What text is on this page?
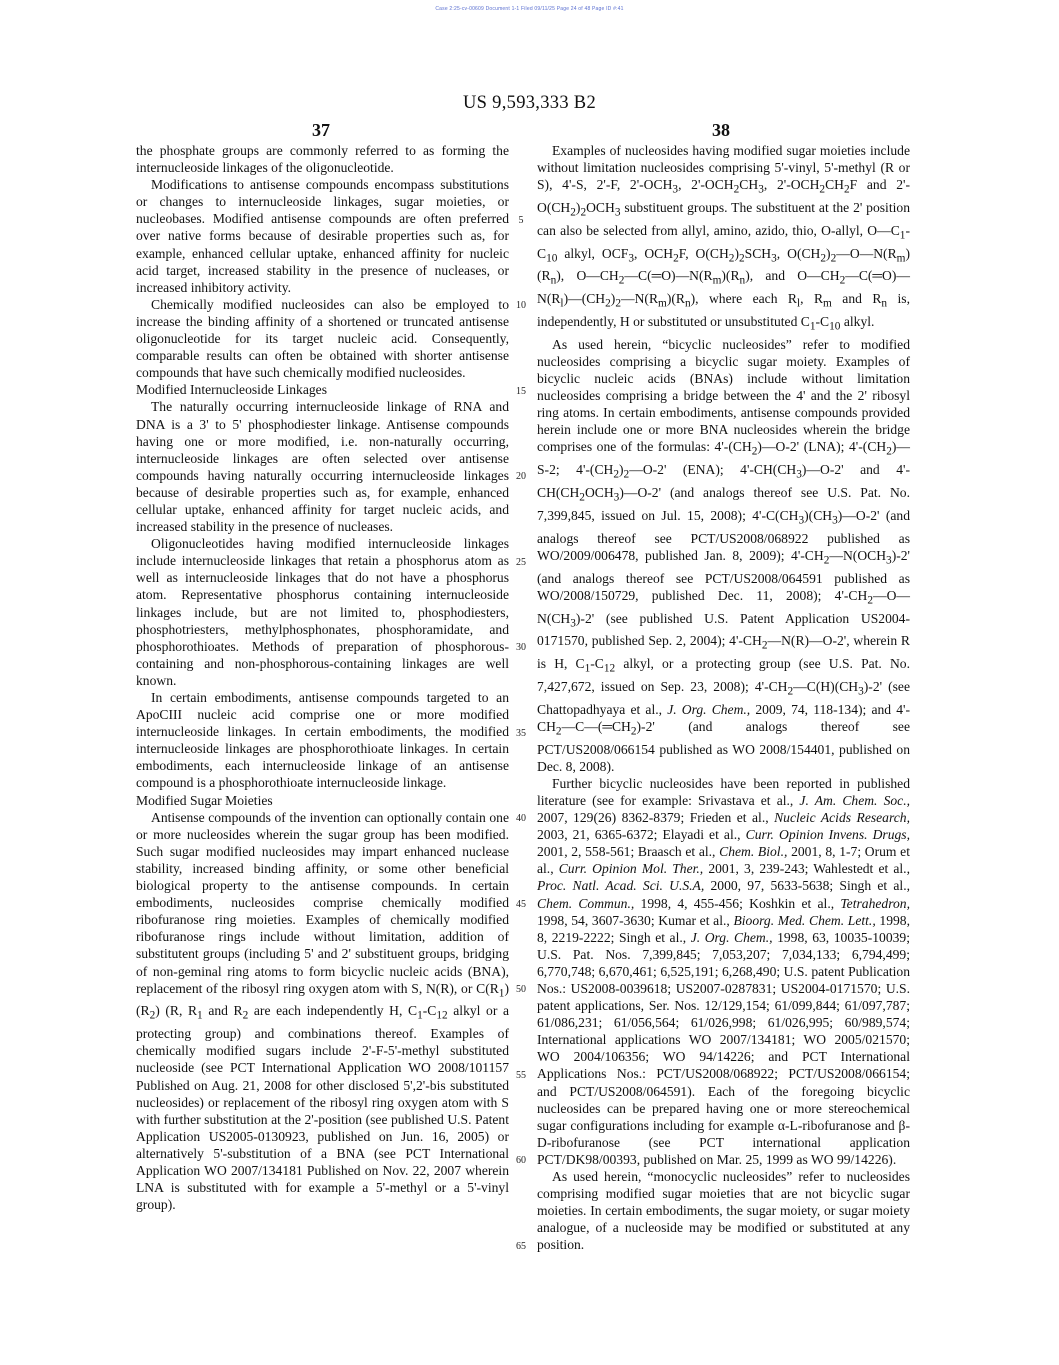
Case 2:25-cv-00609 Document 1-1 Filed 09/11/25 Page 24 of 48 Page ID #:41
US 9,593,333 B2
37	38
5
10
15
20
25
30
35
40
45
50
55
60
65

the phosphate groups are commonly referred to as forming the internucleoside linkages of the oligonucleotide.

Modifications to antisense compounds encompass substitutions or changes to internucleoside linkages, sugar moieties, or nucleobases. Modified antisense compounds are often preferred over native forms because of desirable properties such as, for example, enhanced cellular uptake, enhanced affinity for nucleic acid target, increased stability in the presence of nucleases, or increased inhibitory activity.

Chemically modified nucleosides can also be employed to increase the binding affinity of a shortened or truncated antisense oligonucleotide for its target nucleic acid. Consequently, comparable results can often be obtained with shorter antisense compounds that have such chemically modified nucleosides.

Modified Internucleoside Linkages

The naturally occurring internucleoside linkage of RNA and DNA is a 3' to 5' phosphodiester linkage. Antisense compounds having one or more modified, i.e. non-naturally occurring, internucleoside linkages are often selected over antisense compounds having naturally occurring internucleoside linkages because of desirable properties such as, for example, enhanced cellular uptake, enhanced affinity for target nucleic acids, and increased stability in the presence of nucleases.

Oligonucleotides having modified internucleoside linkages include internucleoside linkages that retain a phosphorus atom as well as internucleoside linkages that do not have a phosphorus atom. Representative phosphorus containing internucleoside linkages include, but are not limited to, phosphodiesters, phosphotriesters, methylphosphonates, phosphoramidate, and phosphorothioates. Methods of preparation of phosphorous-containing and non-phosphorous-containing linkages are well known.

In certain embodiments, antisense compounds targeted to an ApoCIII nucleic acid comprise one or more modified internucleoside linkages. In certain embodiments, the modified internucleoside linkages are phosphorothioate linkages. In certain embodiments, each internucleoside linkage of an antisense compound is a phosphorothioate internucleoside linkage.

Modified Sugar Moieties

Antisense compounds of the invention can optionally contain one or more nucleosides wherein the sugar group has been modified. Such sugar modified nucleosides may impart enhanced nuclease stability, increased binding affinity, or some other beneficial biological property to the antisense compounds. In certain embodiments, nucleosides comprise chemically modified ribofuranose ring moieties. Examples of chemically modified ribofuranose rings include without limitation, addition of substitutent groups (including 5' and 2' substituent groups, bridging of non-geminal ring atoms to form bicyclic nucleic acids (BNA), replacement of the ribosyl ring oxygen atom with S, N(R), or $C(R_1)(R_2)$ (R, $R_1$ and $R_2$ are each independently H, $C_1-C_{12}$ alkyl or a protecting group) and combinations thereof. Examples of chemically modified sugars include 2'-F-5'-methyl substituted nucleoside (see PCT International Application WO 2008/101157 Published on Aug. 21, 2008 for other disclosed 5',2'-bis substituted nucleosides) or replacement of the ribosyl ring oxygen atom with S with further substitution at the 2'-position (see published U.S. Patent Application US2005-0130923, published on Jun. 16, 2005) or alternatively 5'-substitution of a BNA (see PCT International Application WO 2007/134181 Published on Nov. 22, 2007 wherein LNA is substituted with for example a 5'-methyl or a 5'-vinyl group).

Examples of nucleosides having modified sugar moieties include without limitation nucleosides comprising 5'-vinyl, 5'-methyl (R or S), 4'-S, 2'-F, $2'-OCH_3$, $2'-OCH_2CH_3$, $2'-OCH_2CH_2F$ and $2'-O(CH_2)_2OCH_3$ substituent groups. The substituent at the 2' position can also be selected from allyl, amino, azido, thio, O-allyl, $O—C_1-C_{10}$ alkyl, $OCF_3$, $OCH_2F$, $O(CH_2)_2SCH_3$, $O(CH_2)_2—O—N(R_m)(R_n)$, $O—CH_2—C(═O)—N(R_m)(R_n)$, and $O—CH_2—C(═O)—N(R_l)—(CH_2)_2—N(R_m)(R_n)$, where each $R_l$, $R_m$ and $R_n$ is, independently, H or substituted or unsubstituted $C_1-C_{10}$ alkyl.

As used herein, “bicyclic nucleosides” refer to modified nucleosides comprising a bicyclic sugar moiety. Examples of bicyclic nucleic acids (BNAs) include without limitation nucleosides comprising a bridge between the 4' and the 2' ribosyl ring atoms. In certain embodiments, antisense compounds provided herein include one or more BNA nucleosides wherein the bridge comprises one of the formulas: $4'-(CH_2)—O-2'$ (LNA); $4'-(CH_2)—S-2$; $4'-(CH_2)_2—O-2'$ (ENA); $4'-CH(CH_3)—O-2'$ and $4'-CH(CH_2OCH_3)—O-2'$ (and analogs thereof see U.S. Pat. No. 7,399,845, issued on Jul. 15, 2008); $4'-C(CH_3)(CH_3)—O-2'$ (and analogs thereof see PCT/US2008/068922 published as WO/2009/006478, published Jan. 8, 2009); $4'-CH_2—N(OCH_3)-2'$ (and analogs thereof see PCT/US2008/064591 published as WO/2008/150729, published Dec. 11, 2008); $4'-CH_2—O—N(CH_3)-2'$ (see published U.S. Patent Application US2004-0171570, published Sep. 2, 2004); $4'-CH_2—N(R)—O-2'$, wherein R is H, $C_1-C_{12}$ alkyl, or a protecting group (see U.S. Pat. No. 7,427,672, issued on Sep. 23, 2008); $4'-CH_2—C(H)(CH_3)-2'$ (see Chattopadhyaya et al., J. Org. Chem., 2009, 74, 118-134); and $4'-CH_2—C—(═CH_2)-2'$ (and analogs thereof see PCT/US2008/066154 published as WO 2008/154401, published on Dec. 8, 2008).

Further bicyclic nucleosides have been reported in published literature (see for example: Srivastava et al., J. Am. Chem. Soc., 2007, 129(26) 8362-8379; Frieden et al., Nucleic Acids Research, 2003, 21, 6365-6372; Elayadi et al., Curr. Opinion Invens. Drugs, 2001, 2, 558-561; Braasch et al., Chem. Biol., 2001, 8, 1-7; Orum et al., Curr. Opinion Mol. Ther., 2001, 3, 239-243; Wahlestedt et al., Proc. Natl. Acad. Sci. U.S.A, 2000, 97, 5633-5638; Singh et al., Chem. Commun., 1998, 4, 455-456; Koshkin et al., Tetrahedron, 1998, 54, 3607-3630; Kumar et al., Bioorg. Med. Chem. Lett., 1998, 8, 2219-2222; Singh et al., J. Org. Chem., 1998, 63, 10035-10039; U.S. Pat. Nos. 7,399,845; 7,053,207; 7,034,133; 6,794,499; 6,770,748; 6,670,461; 6,525,191; 6,268,490; U.S. patent Publication Nos.: US2008-0039618; US2007-0287831; US2004-0171570; U.S. patent applications, Ser. Nos. 12/129,154; 61/099,844; 61/097,787; 61/086,231; 61/056,564; 61/026,998; 61/026,995; 60/989,574; International applications WO 2007/134181; WO 2005/021570; WO 2004/106356; WO 94/14226; and PCT International Applications Nos.: PCT/US2008/068922; PCT/US2008/066154; and PCT/US2008/064591). Each of the foregoing bicyclic nucleosides can be prepared having one or more stereochemical sugar configurations including for example α-L-ribofuranose and β-D-ribofuranose (see PCT international application PCT/DK98/00393, published on Mar. 25, 1999 as WO 99/14226).

As used herein, “monocyclic nucleosides” refer to nucleosides comprising modified sugar moieties that are not bicyclic sugar moieties. In certain embodiments, the sugar moiety, or sugar moiety analogue, of a nucleoside may be modified or substituted at any position.
